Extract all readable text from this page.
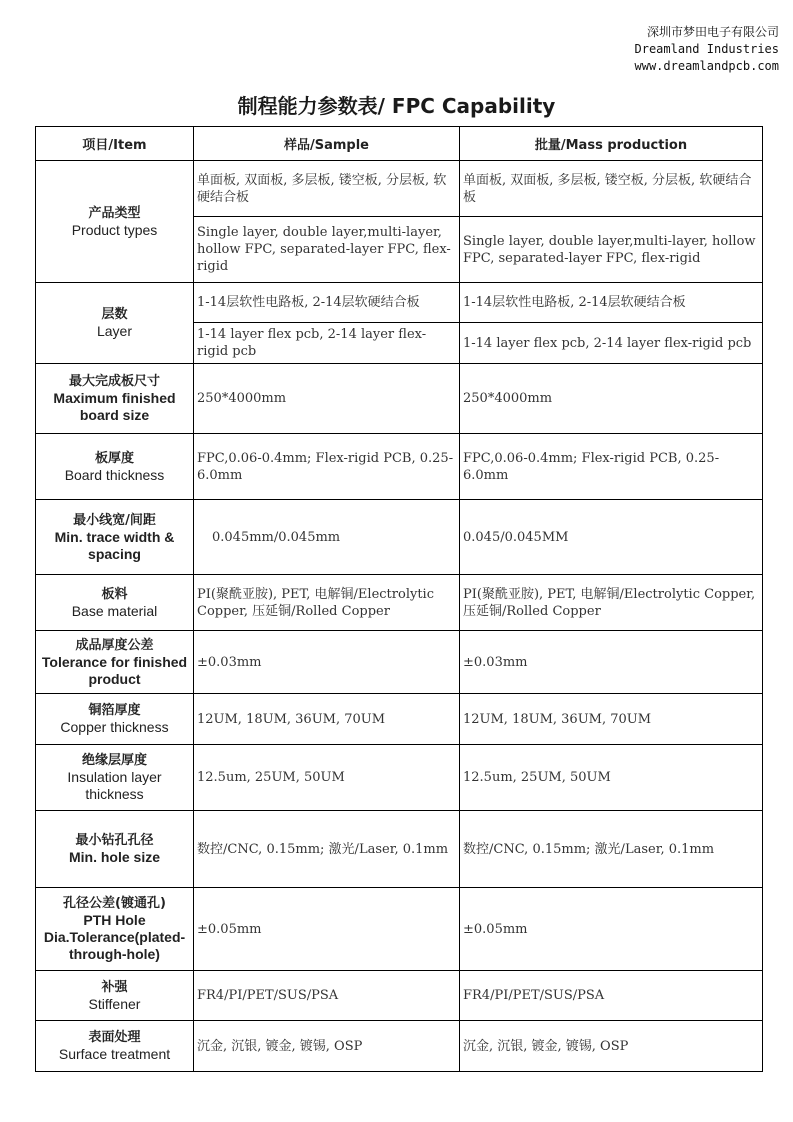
深圳市梦田电子有限公司
Dreamland Industries
www.dreamlandpcb.com
制程能力参数表/ FPC Capability
项目/Item	样品/Sample	批量/Mass production

产品类型
Product types	单面板, 双面板, 多层板, 镂空板, 分层板, 软硬结合板	单面板, 双面板, 多层板, 镂空板, 分层板, 软硬结合板
	Single layer, double layer,multi-layer, hollow FPC, separated-layer FPC, flex-rigid	Single layer, double layer,multi-layer, hollow FPC, separated-layer FPC, flex-rigid

层数
Layer	1-14层软性电路板, 2-14层软硬结合板	1-14层软性电路板, 2-14层软硬结合板
	1-14 layer flex pcb, 2-14 layer flex-rigid pcb	1-14 layer flex pcb, 2-14 layer flex-rigid pcb

最大完成板尺寸
Maximum finished board size	250*4000mm	250*4000mm

板厚度
Board thickness	FPC,0.06-0.4mm; Flex-rigid PCB, 0.25-6.0mm	FPC,0.06-0.4mm; Flex-rigid PCB, 0.25-6.0mm

最小线宽/间距
Min. trace width & spacing	0.045mm/0.045mm	0.045/0.045MM

板料
Base material	PI(聚酰亚胺), PET, 电解铜/Electrolytic Copper, 压延铜/Rolled Copper	PI(聚酰亚胺), PET, 电解铜/Electrolytic Copper, 压延铜/Rolled Copper

成品厚度公差
Tolerance for finished product	±0.03mm	±0.03mm

铜箔厚度
Copper thickness	12UM, 18UM, 36UM, 70UM	12UM, 18UM, 36UM, 70UM

绝缘层厚度
Insulation layer thickness	12.5um, 25UM, 50UM	12.5um, 25UM, 50UM

最小钻孔孔径
Min. hole size	数控/CNC, 0.15mm; 激光/Laser, 0.1mm	数控/CNC, 0.15mm; 激光/Laser, 0.1mm

孔径公差(镀通孔)
PTH Hole Dia.Tolerance(plated-through-hole)	±0.05mm	±0.05mm

补强
Stiffener	FR4/PI/PET/SUS/PSA	FR4/PI/PET/SUS/PSA

表面处理
Surface treatment	沉金, 沉银, 镀金, 镀锡, OSP	沉金, 沉银, 镀金, 镀锡, OSP
